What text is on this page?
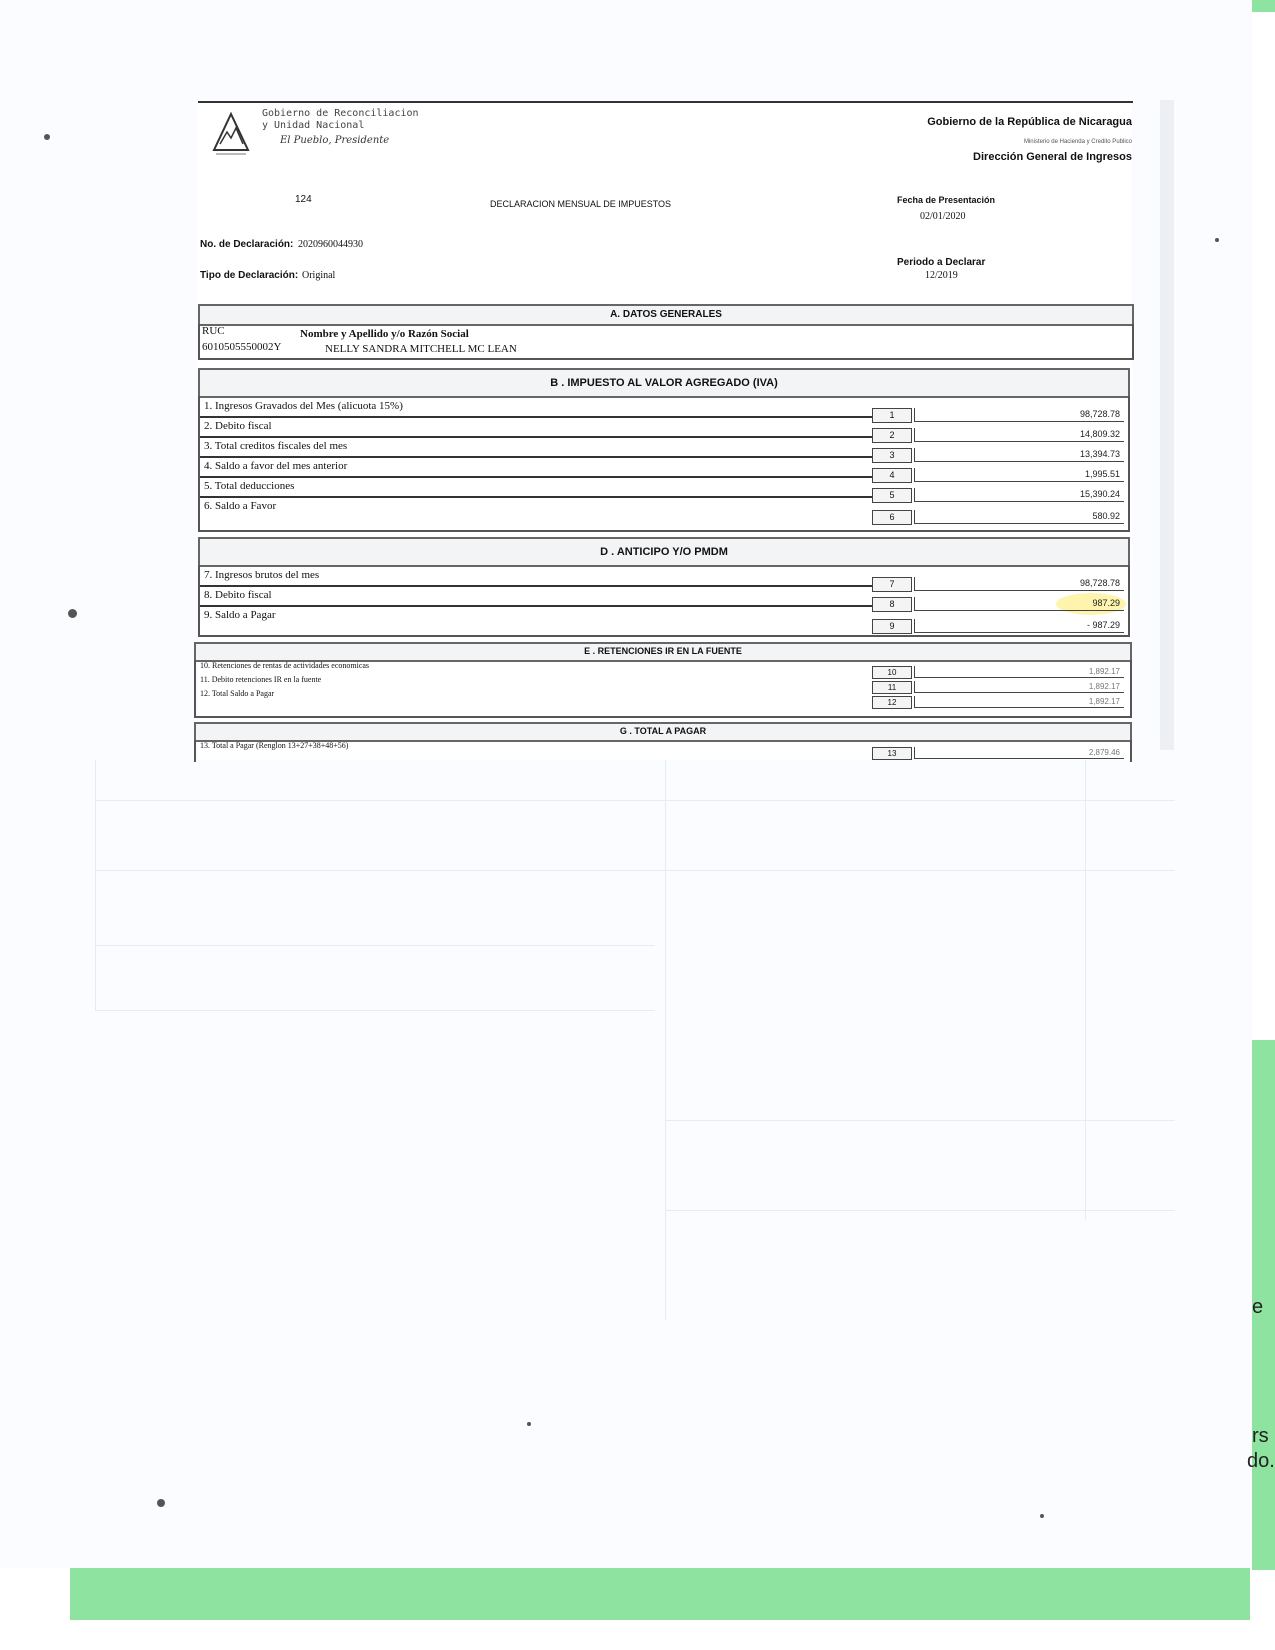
e
rs
do.
Gobierno de Reconciliacion
y Unidad Nacional
El Pueblo, Presidente
Gobierno de la República de Nicaragua
Ministerio de Hacienda y Credito Publico
Dirección General de Ingresos
124	DECLARACION MENSUAL DE IMPUESTOS	Fecha de Presentación
02/01/2020
No. de Declaración: 2020960044930
Periodo a Declarar
12/2019
Tipo de Declaración: Original
A. DATOS GENERALES
RUC	Nombre y Apellido y/o Razón Social
6010505550002Y	NELLY SANDRA MITCHELL MC LEAN
B . IMPUESTO AL VALOR AGREGADO (IVA)
1. Ingresos Gravados del Mes (alicuota 15%)
1	98,728.78
2. Debito fiscal
2	14,809.32
3. Total creditos fiscales del mes
3	13,394.73
4. Saldo a favor del mes anterior
4	1,995.51
5. Total deducciones
5	15,390.24
6. Saldo a Favor
6	580.92
D . ANTICIPO Y/O PMDM
7. Ingresos brutos del mes
7	98,728.78
8. Debito fiscal
8	987.29
9. Saldo a Pagar
9	- 987.29
E . RETENCIONES IR EN LA FUENTE
10. Retenciones de rentas de actividades economicas
10	1,892.17
11. Debito retenciones IR en la fuente
11	1,892.17
12. Total Saldo a Pagar
12	1,892.17
G . TOTAL A PAGAR
13. Total a Pagar (Renglon 13+27+38+48+56)
13	2,879.46
